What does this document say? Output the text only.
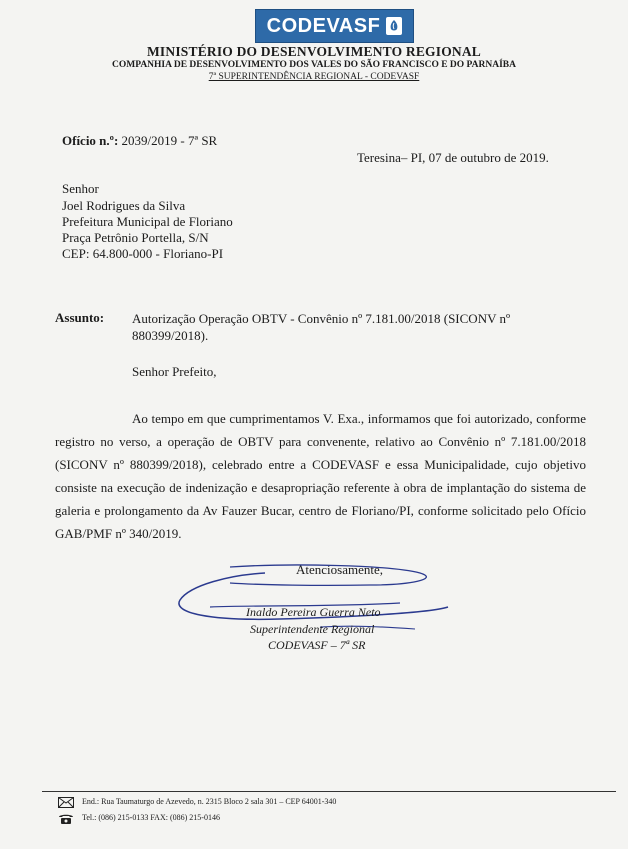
CODEVASF
MINISTÉRIO DO DESENVOLVIMENTO REGIONAL
COMPANHIA DE DESENVOLVIMENTO DOS VALES DO SÃO FRANCISCO E DO PARNAÍBA
7ª SUPERINTENDÊNCIA REGIONAL - CODEVASF
Ofício n.º: 2039/2019 - 7ª SR
Teresina– PI, 07 de outubro de 2019.
Senhor
Joel Rodrigues da Silva
Prefeitura Municipal de Floriano
Praça Petrônio Portella, S/N
CEP: 64.800-000 - Floriano-PI
Assunto: Autorização Operação OBTV - Convênio nº 7.181.00/2018 (SICONV nº 880399/2018).
Senhor Prefeito,
Ao tempo em que cumprimentamos V. Exa., informamos que foi autorizado, conforme registro no verso, a operação de OBTV para convenente, relativo ao Convênio nº 7.181.00/2018 (SICONV nº 880399/2018), celebrado entre a CODEVASF e essa Municipalidade, cujo objetivo consiste na execução de indenização e desapropriação referente à obra de implantação do sistema de galeria e prolongamento da Av Fauzer Bucar, centro de Floriano/PI, conforme solicitado pelo Ofício GAB/PMF nº 340/2019.
Atenciosamente,
Inaldo Pereira Guerra Neto
Superintendente Regional
CODEVASF – 7ª SR
End.: Rua Taumaturgo de Azevedo, n. 2315 Bloco 2 sala 301 – CEP 64001-340
Tel.: (086) 215-0133 FAX: (086) 215-0146
